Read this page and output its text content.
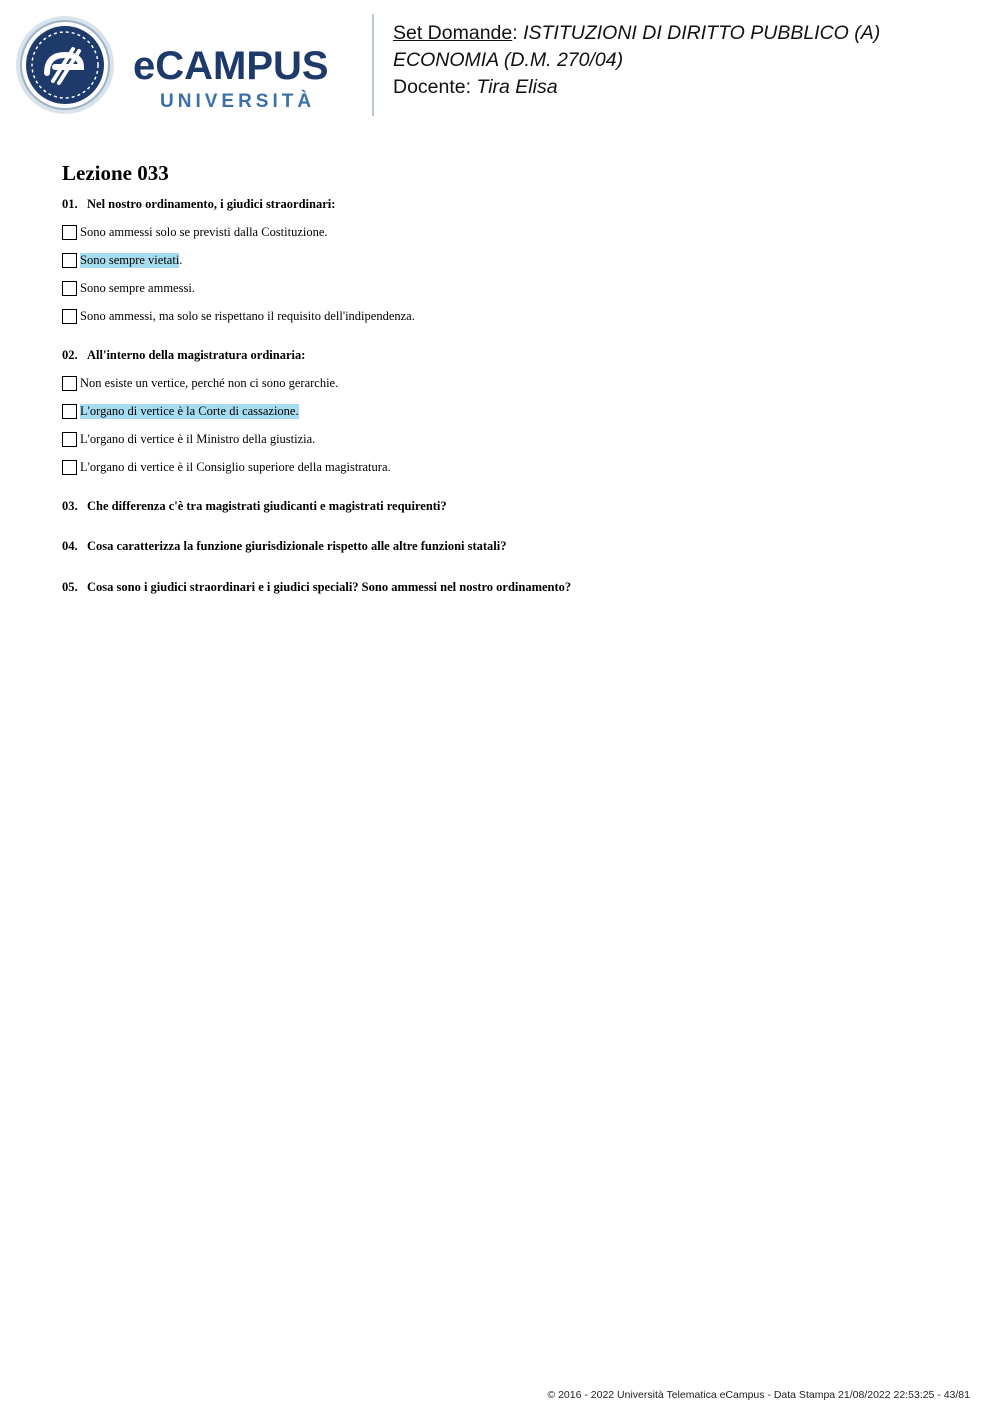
eCAMPUS
UNIVERSITÀ
Set Domande: ISTITUZIONI DI DIRITTO PUBBLICO (A)
ECONOMIA (D.M. 270/04)
Docente: Tira Elisa
Lezione 033
01. Nel nostro ordinamento, i giudici straordinari:
Sono ammessi solo se previsti dalla Costituzione.
Sono sempre vietati .
Sono sempre ammessi.
Sono ammessi, ma solo se rispettano il requisito dell'indipendenza.
02. All'interno della magistratura ordinaria:
Non esiste un vertice, perché non ci sono gerarchie.
L'organo di vertice è la Corte di cassazione.
L'organo di vertice è il Ministro della giustizia.
L'organo di vertice è il Consiglio superiore della magistratura.
03. Che differenza c'è tra magistrati giudicanti e magistrati requirenti?
04. Cosa caratterizza la funzione giurisdizionale rispetto alle altre funzioni statali?
05. Cosa sono i giudici straordinari e i giudici speciali? Sono ammessi nel nostro ordinamento?
© 2016 - 2022 Università Telematica eCampus - Data Stampa 21/08/2022 22:53:25 - 43/81
